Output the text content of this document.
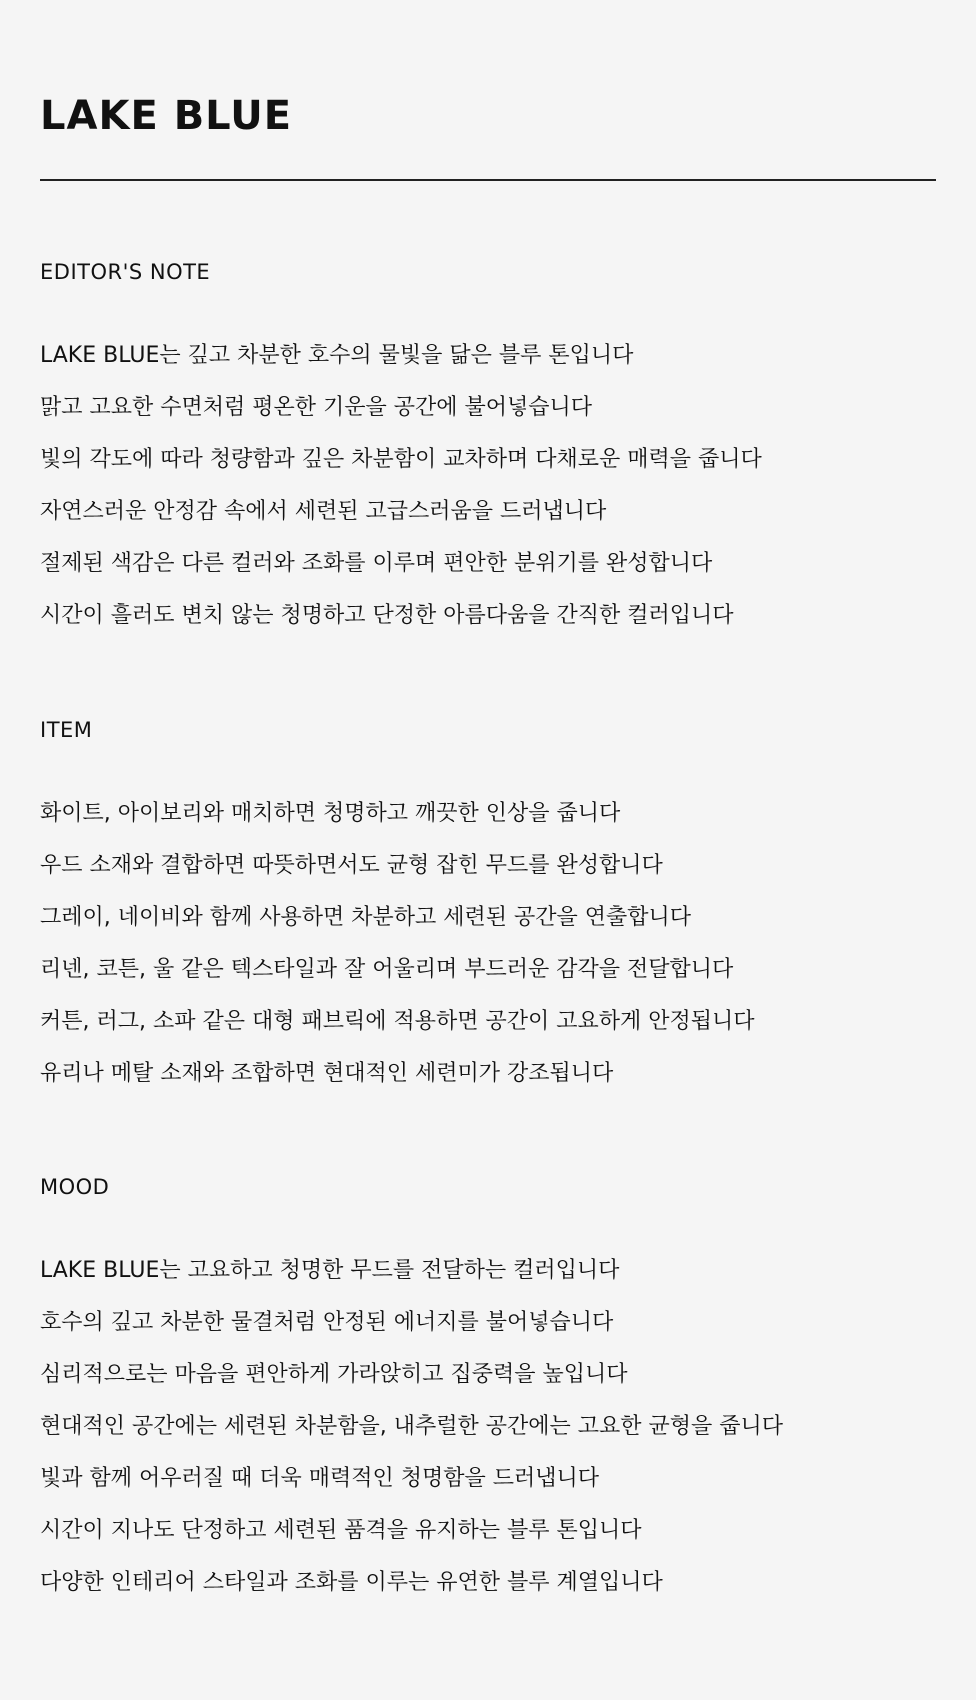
LAKE BLUE
EDITOR'S NOTE
LAKE BLUE는 깊고 차분한 호수의 물빛을 닮은 블루 톤입니다
맑고 고요한 수면처럼 평온한 기운을 공간에 불어넣습니다
빛의 각도에 따라 청량함과 깊은 차분함이 교차하며 다채로운 매력을 줍니다
자연스러운 안정감 속에서 세련된 고급스러움을 드러냅니다
절제된 색감은 다른 컬러와 조화를 이루며 편안한 분위기를 완성합니다
시간이 흘러도 변치 않는 청명하고 단정한 아름다움을 간직한 컬러입니다
ITEM
화이트, 아이보리와 매치하면 청명하고 깨끗한 인상을 줍니다
우드 소재와 결합하면 따뜻하면서도 균형 잡힌 무드를 완성합니다
그레이, 네이비와 함께 사용하면 차분하고 세련된 공간을 연출합니다
리넨, 코튼, 울 같은 텍스타일과 잘 어울리며 부드러운 감각을 전달합니다
커튼, 러그, 소파 같은 대형 패브릭에 적용하면 공간이 고요하게 안정됩니다
유리나 메탈 소재와 조합하면 현대적인 세련미가 강조됩니다
MOOD
LAKE BLUE는 고요하고 청명한 무드를 전달하는 컬러입니다
호수의 깊고 차분한 물결처럼 안정된 에너지를 불어넣습니다
심리적으로는 마음을 편안하게 가라앉히고 집중력을 높입니다
현대적인 공간에는 세련된 차분함을, 내추럴한 공간에는 고요한 균형을 줍니다
빛과 함께 어우러질 때 더욱 매력적인 청명함을 드러냅니다
시간이 지나도 단정하고 세련된 품격을 유지하는 블루 톤입니다
다양한 인테리어 스타일과 조화를 이루는 유연한 블루 계열입니다
